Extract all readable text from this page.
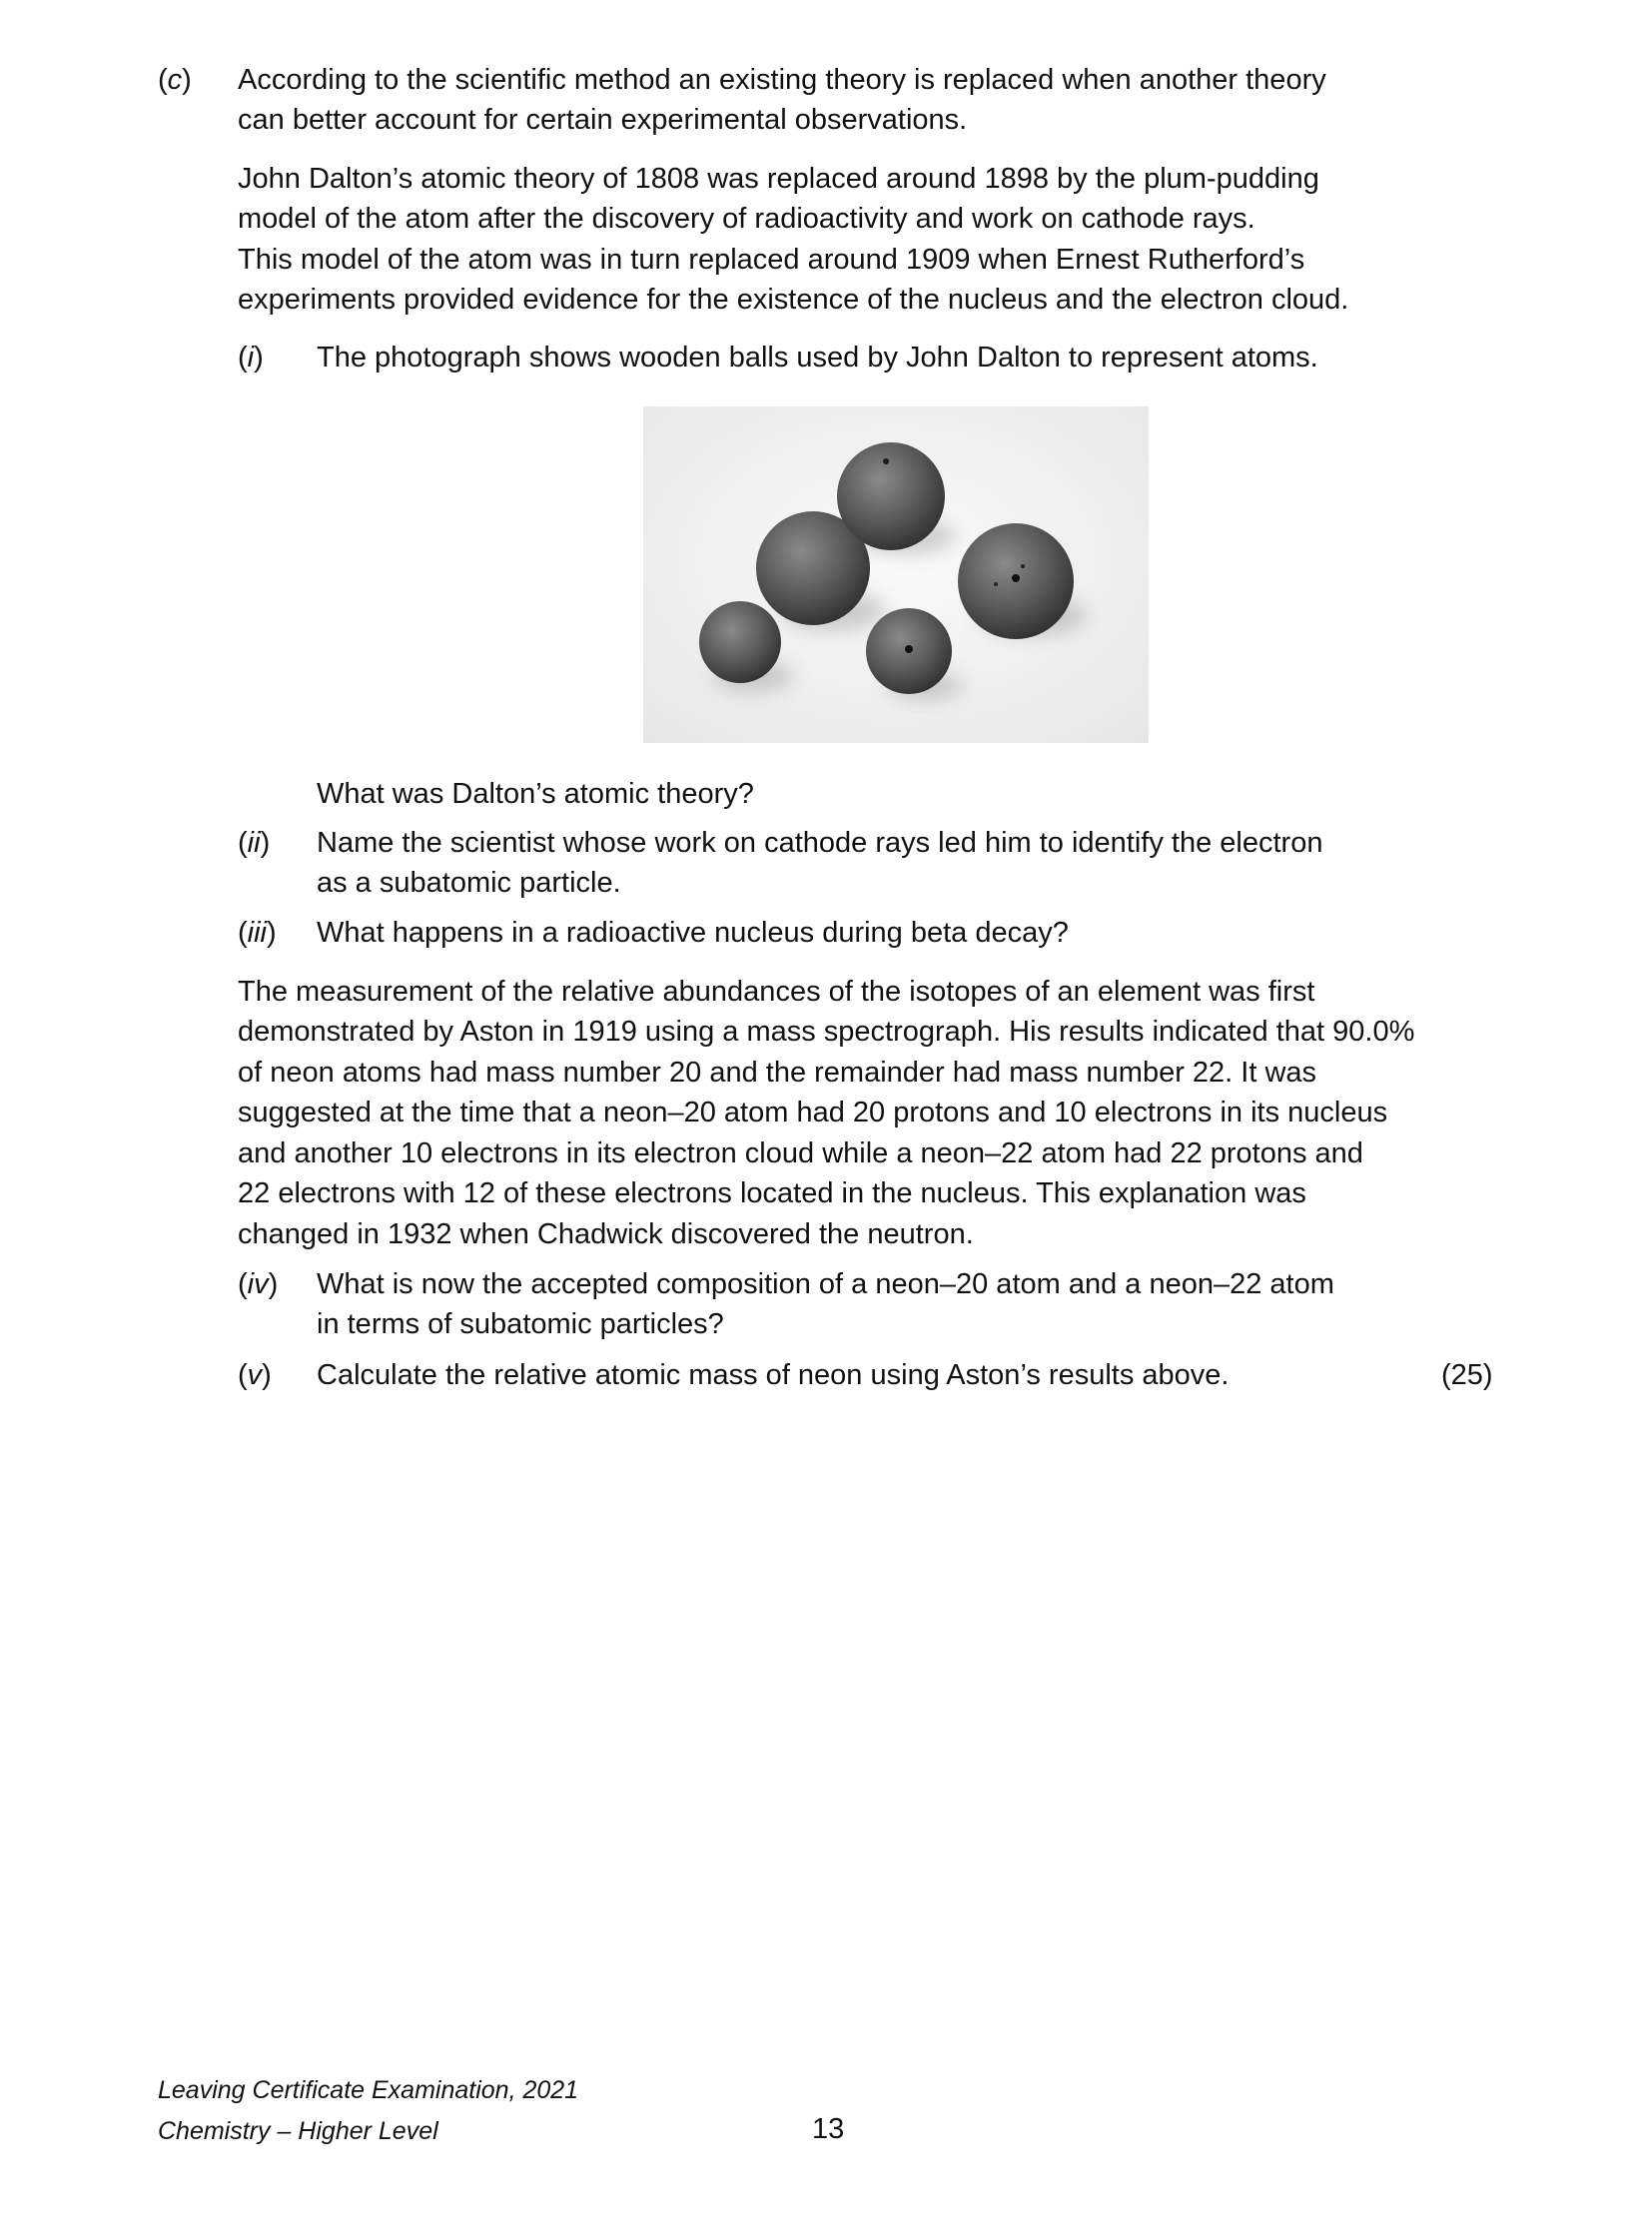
(c) According to the scientific method an existing theory is replaced when another theory
can better account for certain experimental observations.
John Dalton’s atomic theory of 1808 was replaced around 1898 by the plum-pudding
model of the atom after the discovery of radioactivity and work on cathode rays.
This model of the atom was in turn replaced around 1909 when Ernest Rutherford’s
experiments provided evidence for the existence of the nucleus and the electron cloud.
(i) The photograph shows wooden balls used by John Dalton to represent atoms.
What was Dalton’s atomic theory?
(ii) Name the scientist whose work on cathode rays led him to identify the electron
as a subatomic particle.
(iii) What happens in a radioactive nucleus during beta decay?
The measurement of the relative abundances of the isotopes of an element was first
demonstrated by Aston in 1919 using a mass spectrograph. His results indicated that 90.0%
of neon atoms had mass number 20 and the remainder had mass number 22. It was
suggested at the time that a neon–20 atom had 20 protons and 10 electrons in its nucleus
and another 10 electrons in its electron cloud while a neon–22 atom had 22 protons and
22 electrons with 12 of these electrons located in the nucleus. This explanation was
changed in 1932 when Chadwick discovered the neutron.
(iv) What is now the accepted composition of a neon–20 atom and a neon–22 atom
in terms of subatomic particles?
(v) Calculate the relative atomic mass of neon using Aston’s results above.	(25)
Leaving Certificate Examination, 2021
Chemistry – Higher Level	13
